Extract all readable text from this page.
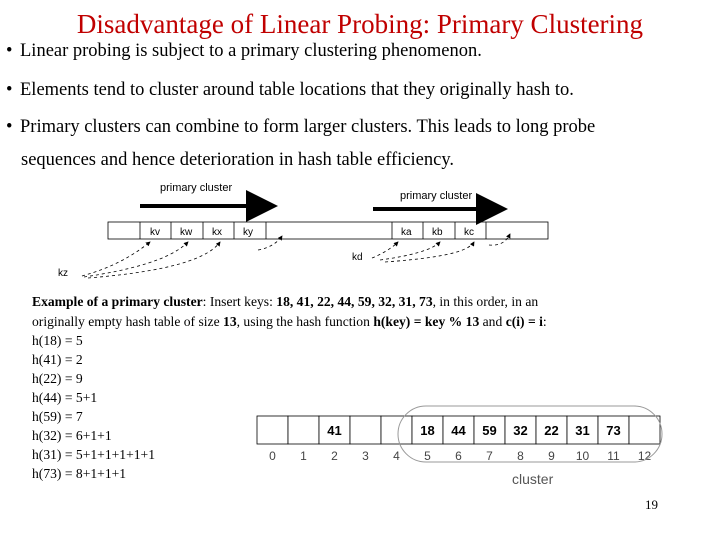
Disadvantage of Linear Probing: Primary Clustering
• Linear probing is subject to a primary clustering phenomenon.
• Elements tend to cluster around table locations that they originally hash to.
• Primary clusters can combine to form larger clusters. This leads to long probe
sequences and hence deterioration in hash table efficiency.
primary cluster
primary cluster
kv kw kx ky	ka kb kc
kd
kz
Example of a primary cluster: Insert keys: 18, 41, 22, 44, 59, 32, 31, 73, in this order, in an
originally empty hash table of size 13, using the hash function h(key) = key % 13 and c(i) = i:
h(18) = 5
h(41) = 2
h(22) = 9
h(44) = 5+1
h(59) = 7
h(32) = 6+1+1
h(31) = 5+1+1+1+1+1
h(73) = 8+1+1+1
0 1
41
2 3 4
18
5
44
6
59
7
32
8
22
9
31
10
73
11 12
cluster
19
